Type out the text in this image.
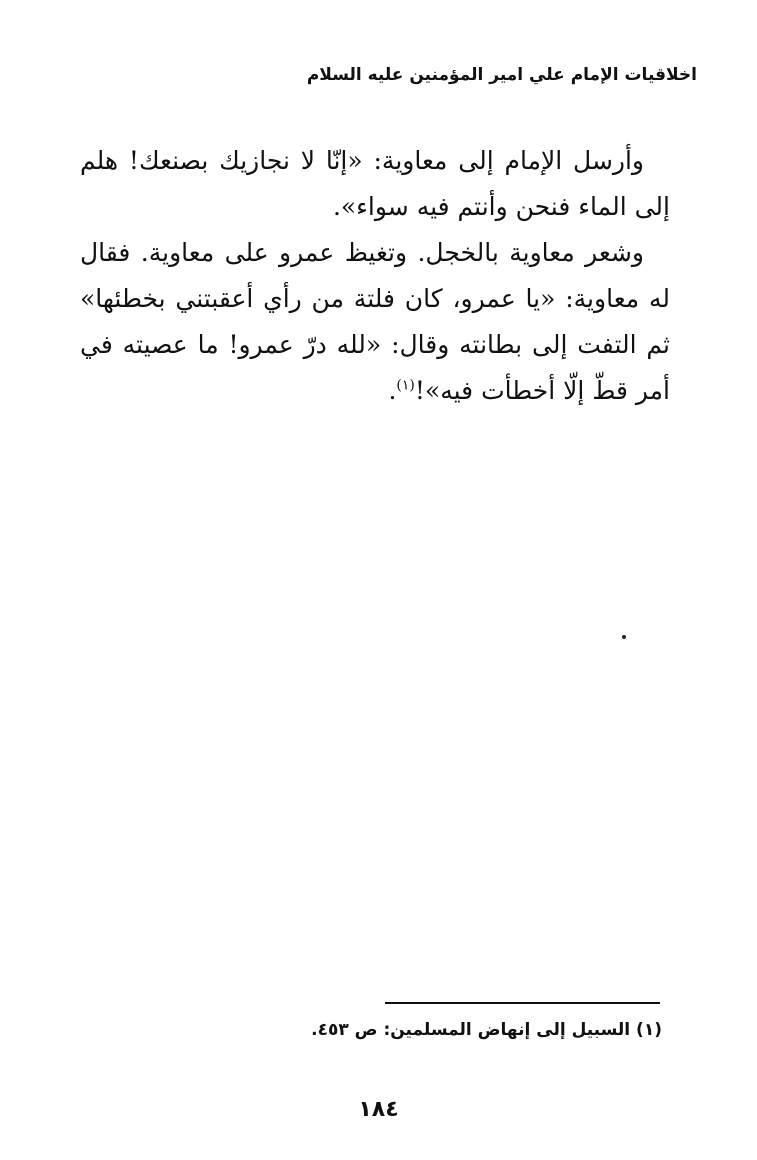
اخلاقيات الإمام علي امير المؤمنين عليه السلام

وأرسل الإمام إلى معاوية: «إنّا لا نجازيك بصنعك! هلم إلى الماء فنحن وأنتم فيه سواء».

وشعر معاوية بالخجل. وتغيظ عمرو على معاوية. فقال له معاوية: «يا عمرو، كان فلتة من رأي أعقبتني بخطئها» ثم التفت إلى بطانته وقال: «لله درّ عمرو! ما عصيته في أمر قطّ إلّا أخطأت فيه»!$^{(١)}$.

(١) السبيل إلى إنهاض المسلمين: ص ٤٥٣.
١٨٤
